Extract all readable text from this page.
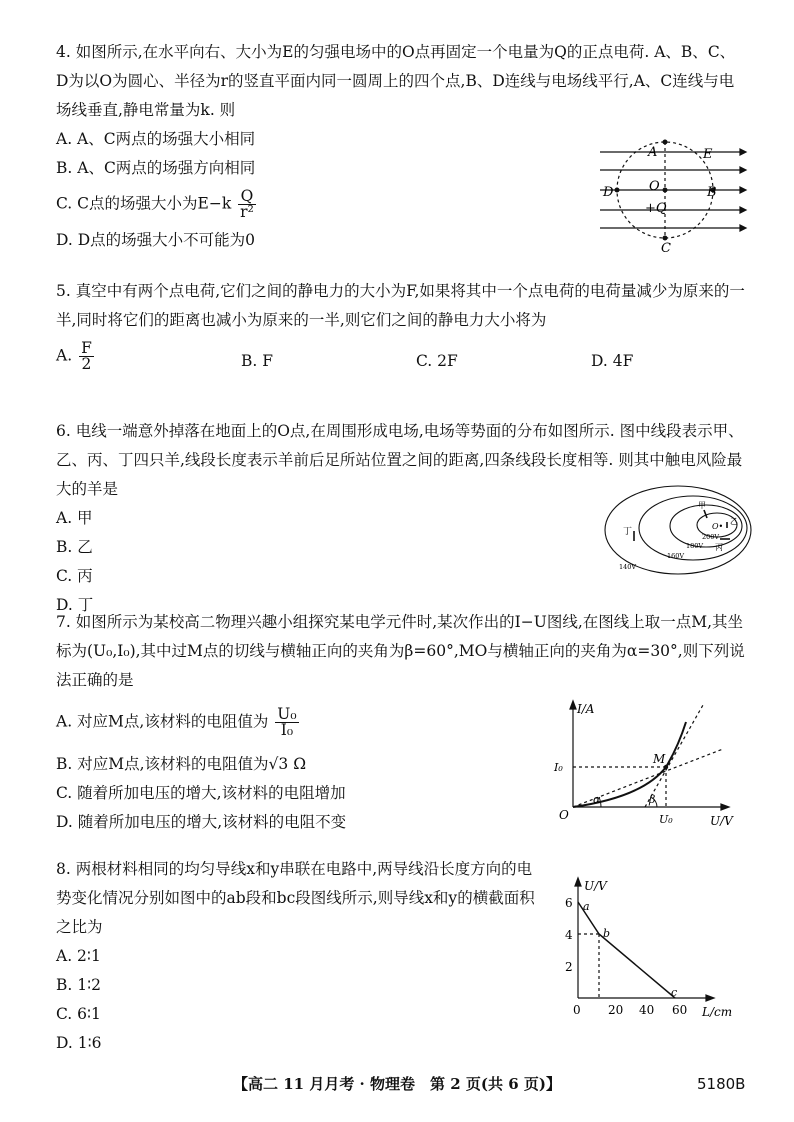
4. 如图所示,在水平向右、大小为E的匀强电场中的O点再固定一个电量为Q的正点电荷. A、B、C、D为以O为圆心、半径为r的竖直平面内同一圆周上的四个点,B、D连线与电场线平行,A、C连线与电场线垂直,静电常量为k. 则
A. A、C两点的场强大小相同
B. A、C两点的场强方向相同
C. C点的场强大小为$E-k \frac{Q}{\text{r²}}$
D. D点的场强大小不可能为0
A	E
D	O	B
+Q
C
5. 真空中有两个点电荷,它们之间的静电力的大小为F,如果将其中一个点电荷的电荷量减少为原来的一半,同时将它们的距离也减小为原来的一半,则它们之间的静电力大小将为
A. $\frac{F}{2}$	B. F	C. 2F	D. 4F
6. 电线一端意外掉落在地面上的O点,在周围形成电场,电场等势面的分布如图所示. 图中线段表示甲、乙、丙、丁四只羊,线段长度表示羊前后足所站位置之间的距离,四条线段长度相等. 则其中触电风险最大的羊是
A. 甲
B. 乙
C. 丙
D. 丁
丁
甲
乙
O•
200V
180V 丙
160V
140V
7. 如图所示为某校高二物理兴趣小组探究某电学元件时,某次作出的I−U图线,在图线上取一点M,其坐标为(U₀,I₀),其中过M点的切线与横轴正向的夹角为β=60°,MO与横轴正向的夹角为α=30°,则下列说法正确的是
A. 对应M点,该材料的电阻值为 $\frac{\text{U₀}}{\text{I₀}}$
B. 对应M点,该材料的电阻值为√3 Ω
C. 随着所加电压的增大,该材料的电阻增加
D. 随着所加电压的增大,该材料的电阻不变
I/A
I₀
M
α	β
O	U₀	U/V
8. 两根材料相同的均匀导线x和y串联在电路中,两导线沿长度方向的电势变化情况分别如图中的ab段和bc段图线所示,则导线x和y的横截面积之比为
A. 2∶1
B. 1∶2
C. 6∶1
D. 1∶6
U/V
6
4
2
a
b
c
0 20 40 60 L/cm
【高二 11 月月考 · 物理卷　第 2 页(共 6 页)】	5180B
